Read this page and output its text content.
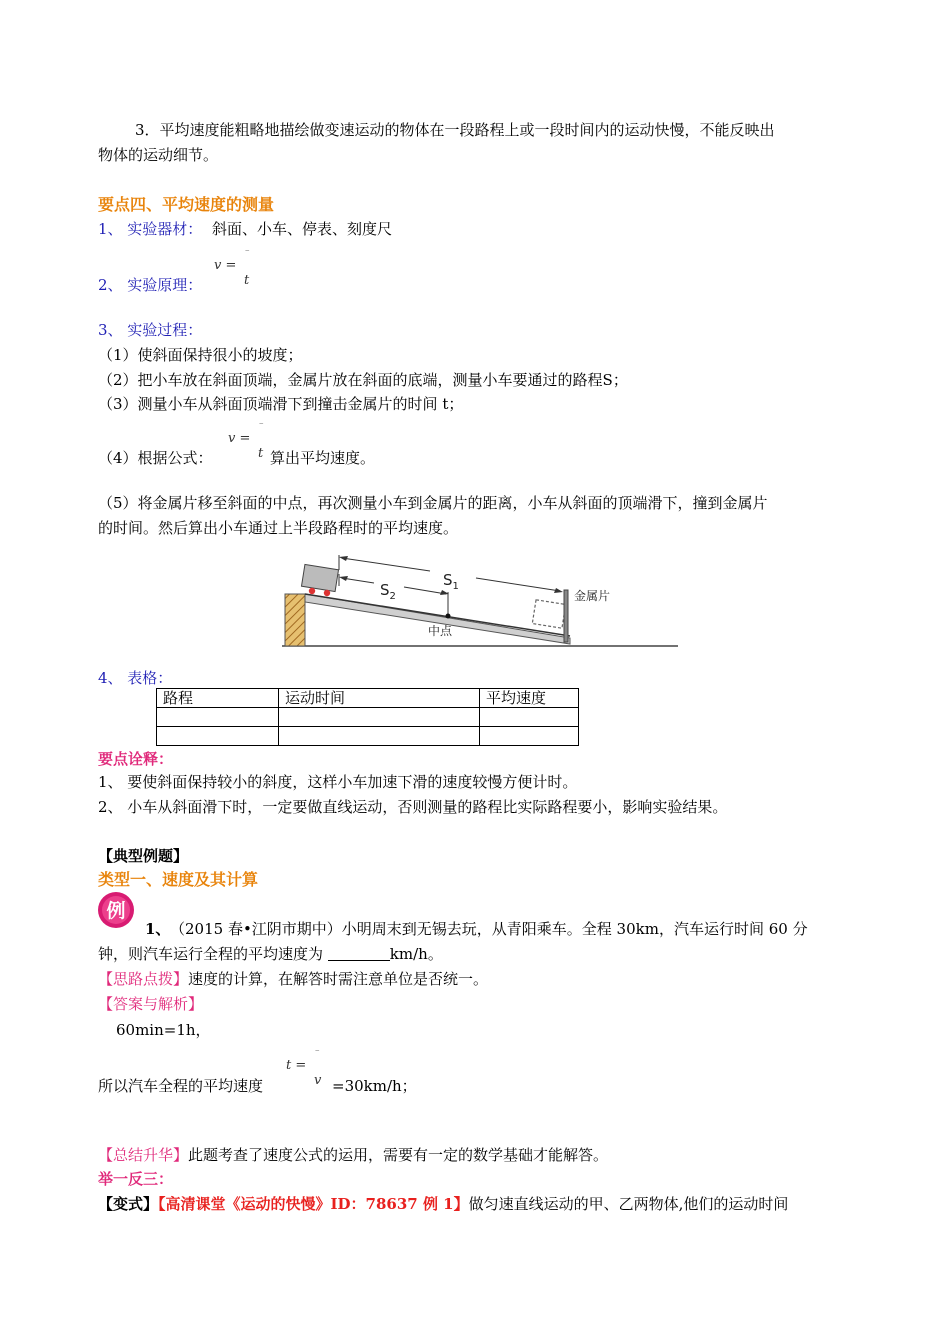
3．平均速度能粗略地描绘做变速运动的物体在一段路程上或一段时间内的运动快慢，不能反映出
物体的运动细节。
要点四、平均速度的测量
1、 实验器材： 斜面、小车、停表、刻度尺
v =
–
t
2、 实验原理：
3、 实验过程：
（1）使斜面保持很小的坡度；
（2）把小车放在斜面顶端，金属片放在斜面的底端，测量小车要通过的路程S；
（3）测量小车从斜面顶端滑下到撞击金属片的时间 t；
v =
–
t
（4）根据公式：	算出平均速度。
（5）将金属片移至斜面的中点，再次测量小车到金属片的距离，小车从斜面的顶端滑下，撞到金属片
的时间。然后算出小车通过上半段路程时的平均速度。
$S_1$
$S_2$
中点
金属片
4、 表格：
路程	运动时间	平均速度

要点诠释：
1、 要使斜面保持较小的斜度，这样小车加速下滑的速度较慢方便计时。
2、 小车从斜面滑下时，一定要做直线运动，否则测量的路程比实际路程要小，影响实验结果。
【典型例题】
类型一、速度及其计算
例
1、 （2015 春•江阴市期中）小明周末到无锡去玩，从青阳乘车。全程 30km，汽车运行时间 60 分
钟，则汽车运行全程的平均速度为	km/h。
【思路点拨】速度的计算，在解答时需注意单位是否统一。
【答案与解析】
60min=1h，
t =
–
v
所以汽车全程的平均速度	=30km/h；
【总结升华】此题考查了速度公式的运用，需要有一定的数学基础才能解答。
举一反三：
【变式】【高清课堂《运动的快慢》ID：78637 例 1】做匀速直线运动的甲、乙两物体,他们的运动时间
